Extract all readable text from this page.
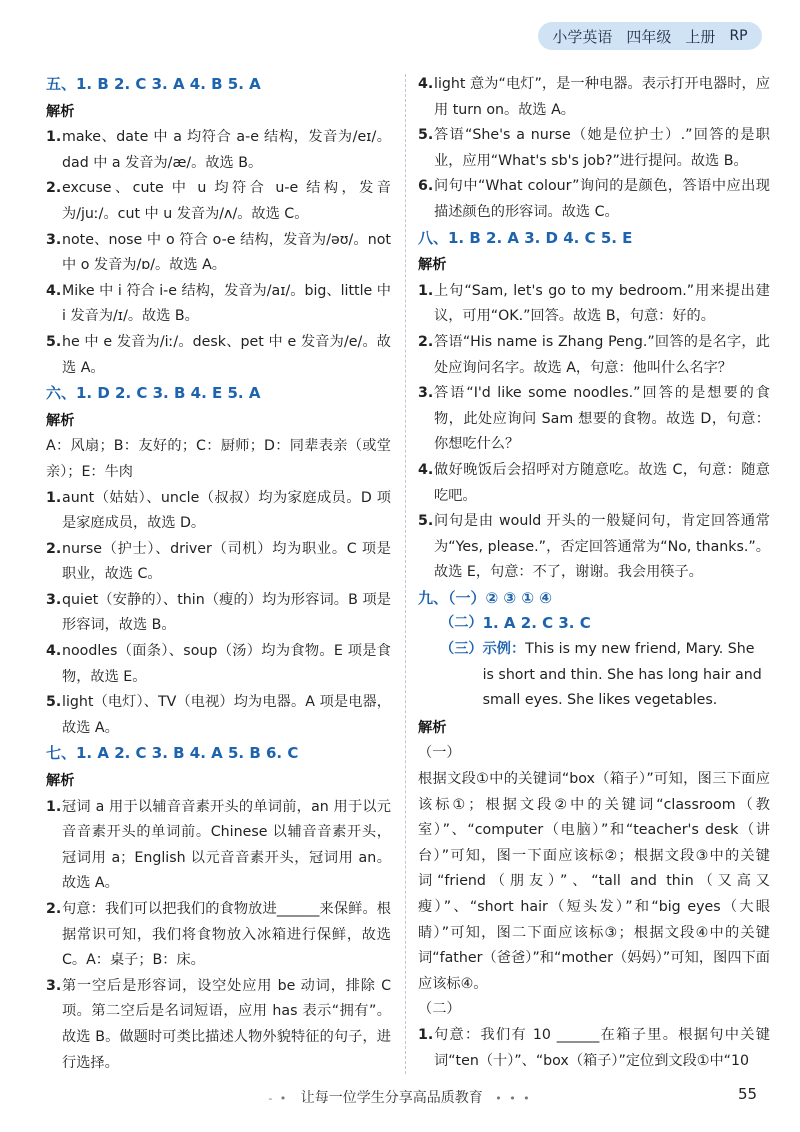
小学英语 四年级 上册 RP

五、1. B 2. C 3. A 4. B 5. A

解析

1. make、date 中 a 均符合 a-e 结构，发音为/eɪ/。dad 中 a 发音为/æ/。故选 B。
2. excuse、cute 中 u 均符合 u-e 结构，发音为/juː/。cut 中 u 发音为/ʌ/。故选 C。
3. note、nose 中 o 符合 o-e 结构，发音为/əʊ/。not 中 o 发音为/ɒ/。故选 A。
4. Mike 中 i 符合 i-e 结构，发音为/aɪ/。big、little 中 i 发音为/ɪ/。故选 B。
5. he 中 e 发音为/iː/。desk、pet 中 e 发音为/e/。故选 A。

六、1. D 2. C 3. B 4. E 5. A

解析

A：风扇；B：友好的；C：厨师；D：同辈表亲（或堂亲）；E：牛肉

1. aunt（姑姑）、uncle（叔叔）均为家庭成员。D 项是家庭成员，故选 D。
2. nurse（护士）、driver（司机）均为职业。C 项是职业，故选 C。
3. quiet（安静的）、thin（瘦的）均为形容词。B 项是形容词，故选 B。
4. noodles（面条）、soup（汤）均为食物。E 项是食物，故选 E。
5. light（电灯）、TV（电视）均为电器。A 项是电器，故选 A。

七、1. A 2. C 3. B 4. A 5. B 6. C

解析

1. 冠词 a 用于以辅音音素开头的单词前，an 用于以元音音素开头的单词前。Chinese 以辅音音素开头，冠词用 a；English 以元音音素开头，冠词用 an。故选 A。
2. 句意：我们可以把我们的食物放进______来保鲜。根据常识可知，我们将食物放入冰箱进行保鲜，故选 C。A：桌子；B：床。
3. 第一空后是形容词，设空处应用 be 动词，排除 C 项。第二空后是名词短语，应用 has 表示“拥有”。故选 B。做题时可类比描述人物外貌特征的句子，进行选择。
4. light 意为“电灯”，是一种电器。表示打开电器时，应用 turn on。故选 A。
5. 答语“She's a nurse（她是位护士）.”回答的是职业，应用“What's sb's job?”进行提问。故选 B。
6. 问句中“What colour”询问的是颜色，答语中应出现描述颜色的形容词。故选 C。

八、1. B 2. A 3. D 4. C 5. E

解析

1. 上句“Sam, let's go to my bedroom.”用来提出建议，可用“OK.”回答。故选 B，句意：好的。
2. 答语“His name is Zhang Peng.”回答的是名字，此处应询问名字。故选 A，句意：他叫什么名字？
3. 答语“I'd like some noodles.”回答的是想要的食物，此处应询问 Sam 想要的食物。故选 D，句意：你想吃什么？
4. 做好晚饭后会招呼对方随意吃。故选 C，句意：随意吃吧。
5. 问句是由 would 开头的一般疑问句，肯定回答通常为“Yes, please.”，否定回答通常为“No, thanks.”。故选 E，句意：不了，谢谢。我会用筷子。

九、（一）② ③ ① ④

（二） 1. A 2. C 3. C
（三） 示例：This is my new friend, Mary. She is short and thin. She has long hair and small eyes. She likes vegetables.

解析

（一）

根据文段①中的关键词“box（箱子）”可知，图三下面应该标①；根据文段②中的关键词“classroom（教室）”、“computer（电脑）”和“teacher's desk（讲台）”可知，图一下面应该标②；根据文段③中的关键词“friend（朋友）”、“tall and thin（又高又瘦）”、“short hair（短头发）”和“big eyes（大眼睛）”可知，图二下面应该标③；根据文段④中的关键词“father（爸爸）”和“mother（妈妈）”可知，图四下面应该标④。

（二）

1. 句意：我们有 10 ______在箱子里。根据句中关键词“ten（十）”、“box（箱子）”定位到文段①中“10
- • 让每一位学生分享高品质教育 • • •	55
